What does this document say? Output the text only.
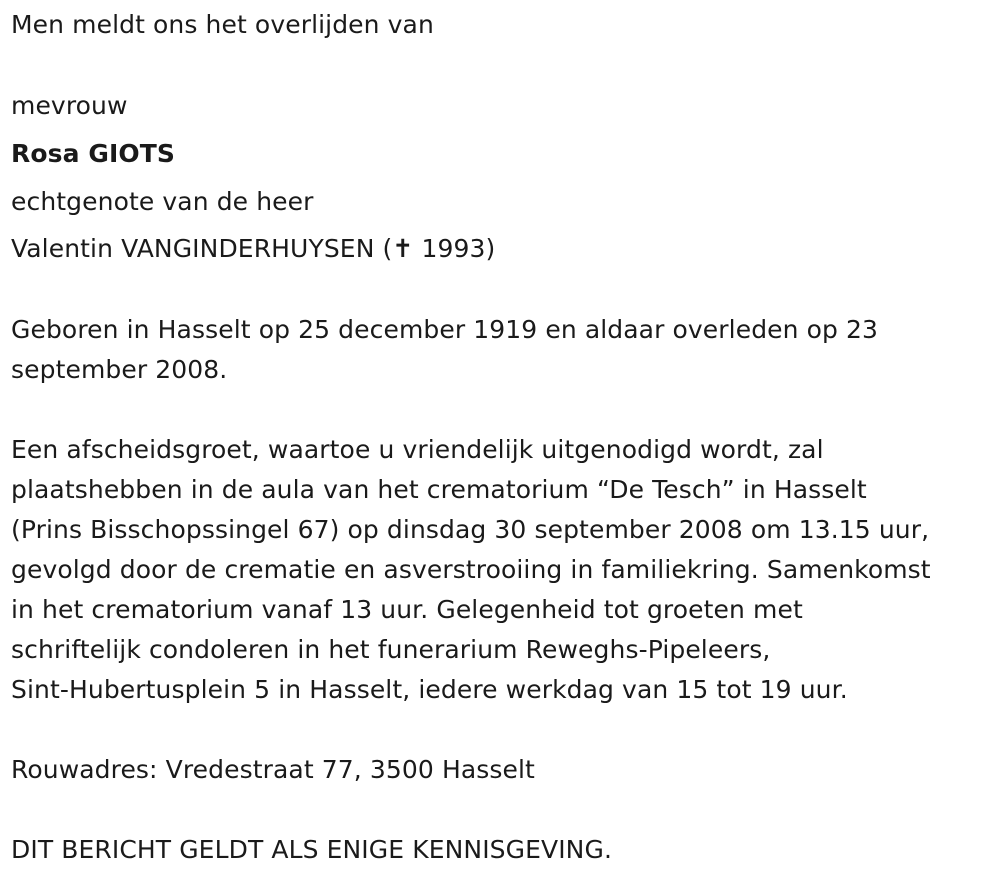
Men meldt ons het overlijden van
mevrouw
Rosa GIOTS
echtgenote van de heer
Valentin VANGINDERHUYSEN (✝ 1993)
Geboren in Hasselt op 25 december 1919 en aldaar overleden op 23
september 2008.
Een afscheidsgroet, waartoe u vriendelijk uitgenodigd wordt, zal
plaatshebben in de aula van het crematorium “De Tesch” in Hasselt
(Prins Bisschopssingel 67) op dinsdag 30 september 2008 om 13.15 uur,
gevolgd door de crematie en asverstrooiing in familiekring. Samenkomst
in het crematorium vanaf 13 uur. Gelegenheid tot groeten met
schriftelijk condoleren in het funerarium Reweghs-Pipeleers,
Sint-Hubertusplein 5 in Hasselt, iedere werkdag van 15 tot 19 uur.
Rouwadres: Vredestraat 77, 3500 Hasselt
DIT BERICHT GELDT ALS ENIGE KENNISGEVING.
